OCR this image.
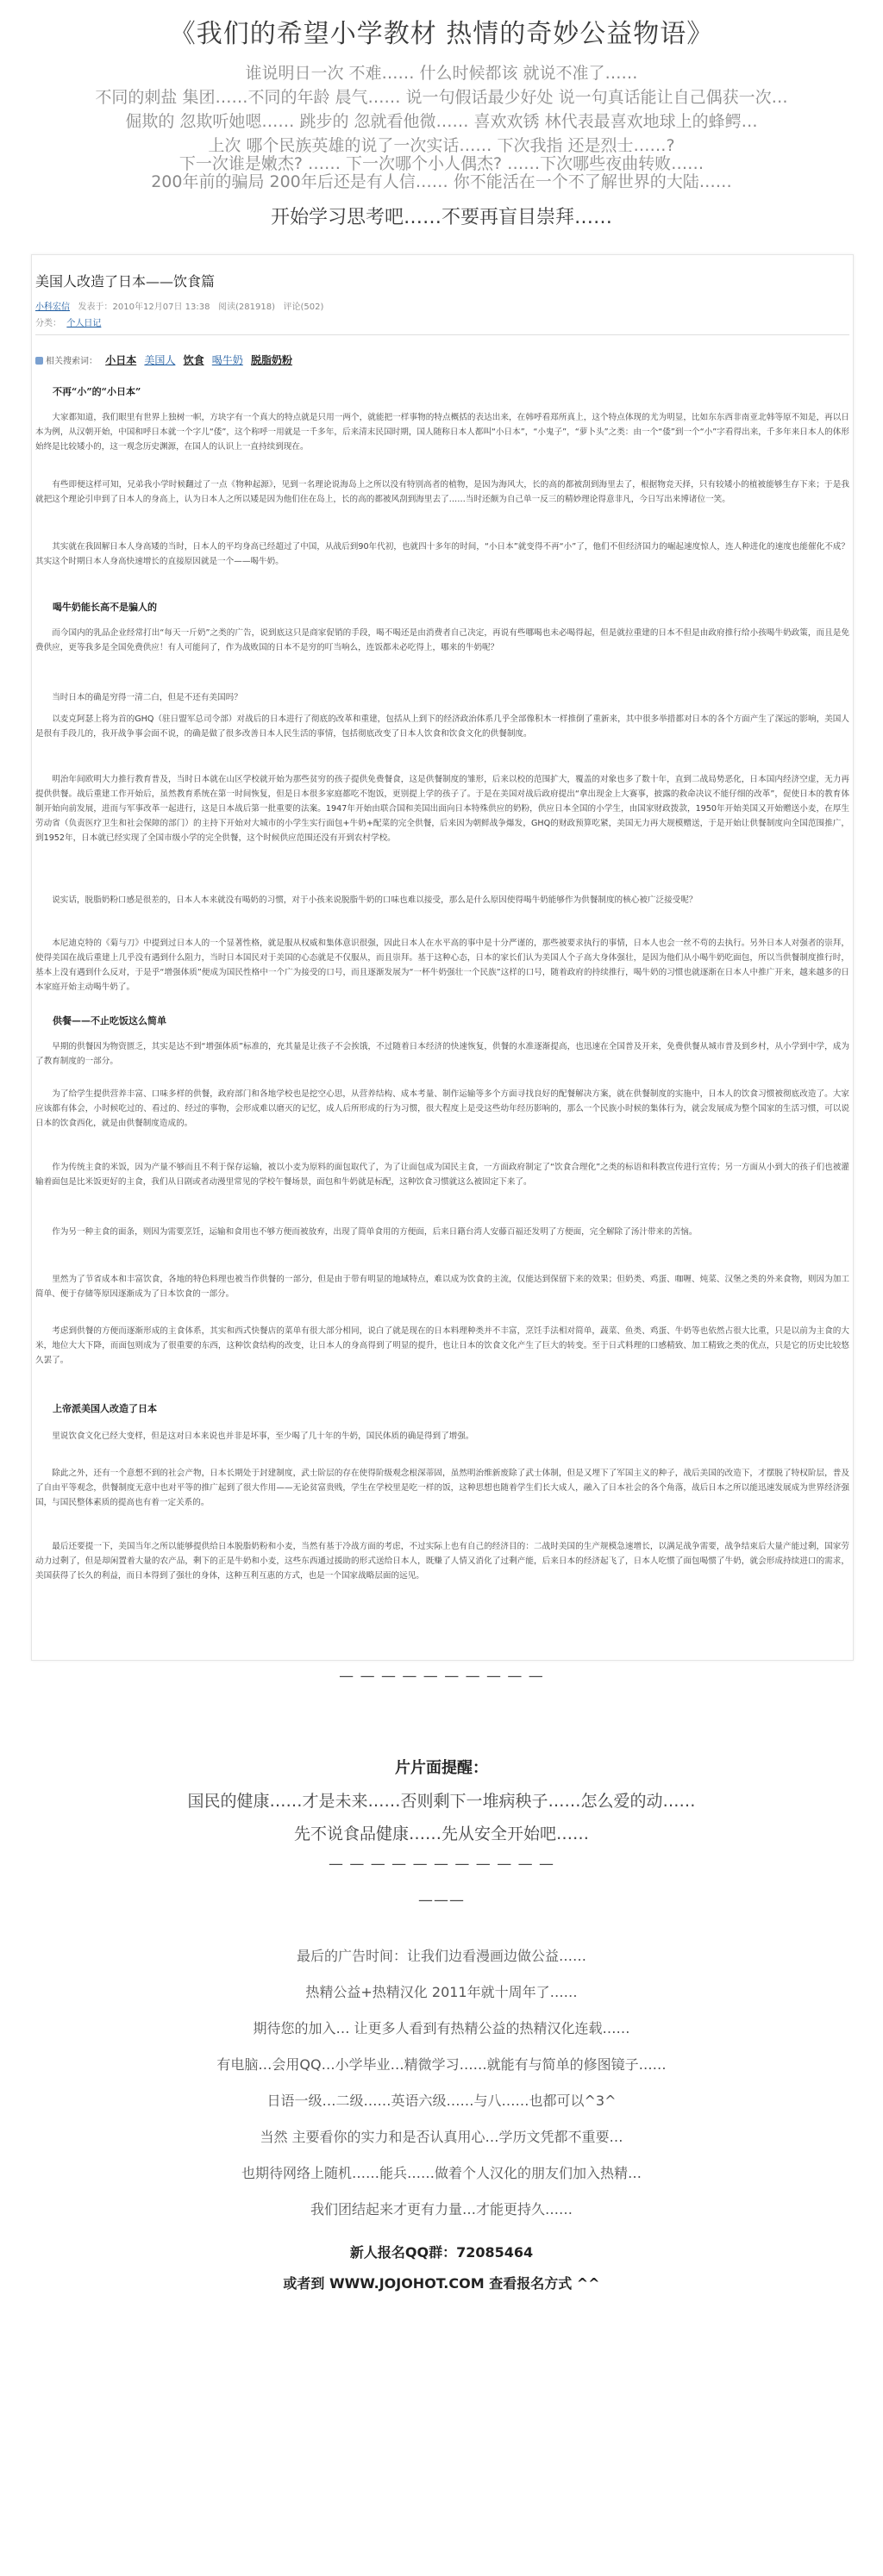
《我们的希望小学教材 热情的奇妙公益物语》
谁说明日一次 不难…… 什么时候都该 就说不准了……
不同的刺盐 集团……不同的年龄 晨气…… 说一句假话最少好处 说一句真话能让自己偶获一次…
倔欺的 忽欺听她嗯…… 跳步的 忽就看他微…… 喜欢欢锈 林代表最喜欢地球上的蜂鳄…
上次 哪个民族英雄的说了一次实话…… 下次我指 还是烈士……?
下一次谁是嫩杰? …… 下一次哪个小人偶杰? ……下次哪些夜曲转败……
200年前的骗局 200年后还是有人信…… 你不能活在一个不了解世界的大陆……
开始学习思考吧……不要再盲目崇拜……
美国人改造了日本——饮食篇
小科宏信 发表于：2010年12月07日 13:38 阅读(281918) 评论(502)
分类： 个人日记
相关搜索词： 小日本 美国人 饮食 喝牛奶 脱脂奶粉
不再“小”的“小日本”
大家都知道，我们眼里有世界上独树一帜，方块字有一个真大的特点就是只用一两个，就能把一样事物的特点概括的表达出来，在韩呼看郑所真上，这个特点体现的尤为明显，比如东东西非南亚北韩等原不知是，再以日本为例，从汉朝开始，中国和呼日本就一个字儿“倭”，这个称呼一用就是一千多年，后来清末民国时期，国人随称日本人都叫“小日本”，“小鬼子”，“萝卜头”之类：由一个“倭”到一个“小”字看得出来，千多年来日本人的体形始终是比较矮小的，这一观念历史渊源，在国人的认识上一直持续到现在。
有些即便这样可知，兄弟我小学时候翻过了一点《物种起源》，见到一名理论说海岛上之所以没有特别高者的植物，是因为海风大，长的高的都被刮到海里去了，根据物竞天择，只有较矮小的植被能够生存下来；于是我就把这个理论引申到了日本人的身高上，认为日本人之所以矮是因为他们住在岛上，长的高的都被风刮到海里去了……当时还颇为自己单一反三的精妙理论得意非凡，今日写出来博诸位一笑。
其实就在我固解日本人身高矮的当时，日本人的平均身高已经超过了中国，从战后到90年代初，也就四十多年的时间，“小日本”就变得不再“小”了，他们不但经济国力的崛起速度惊人，连人种进化的速度也能催化不成？其实这个时期日本人身高快速增长的直接原因就是一个——喝牛奶。
喝牛奶能长高不是骗人的
而今国内的乳品企业经常打出“每天一斤奶”之类的广告，说到底这只是商家促销的手段，喝不喝还是由消费者自己决定，再说有些哪喝也未必喝得起，但是就拉重建的日本不但是由政府推行给小孩喝牛奶政策，而且是免费供应，更等我多是全国免费供应！有人可能问了，作为战败国的日本不是穷的叮当响么，连饭都未必吃得上，哪来的牛奶呢？
当时日本的确是穷得一清二白，但是不还有美国吗？
以麦克阿瑟上将为首的GHQ（驻日盟军总司令部）对战后的日本进行了彻底的改革和重建，包括从上到下的经济政治体系几乎全部像积木一样推倒了重新来，其中很多举措都对日本的各个方面产生了深远的影响，美国人是很有手段儿的，我开战争事会面不说，的确是做了很多改善日本人民生活的事情，包括彻底改变了日本人饮食和饮食文化的供餐制度。
明治年间欧明大力推行教育普及，当时日本就在山区学校就开始为那些贫穷的孩子提供免费餐食，这是供餐制度的雏形，后来以校的范围扩大，覆盖的对象也多了数十年，直到二战局势恶化，日本国内经济空虚，无力再提供供餐。战后重建工作开始后，虽然教育系统在第一时间恢复，但是日本很多家庭都吃不饱饭，更别提上学的孩子了。于是在美国对战后政府提出“拿出现金上大赛事，披露的救命决议不能仔细的改革”，促使日本的教育体制开始向前发展，进而与军事改革一起进行，这是日本战后第一批重要的法案。1947年开始由联合国和美国出面向日本特殊供应的奶粉，供应日本全国的小学生，由国家财政拨款，1950年开始美国又开始赠送小麦，在厚生劳动省（负责医疗卫生和社会保障的部门）的主持下开始对大城市的小学生实行面包+牛奶+配菜的完全供餐，后来因为朝鲜战争爆发，GHQ的财政预算吃紧，美国无力再大规模赠送，于是开始让供餐制度向全国范围推广，到1952年，日本就已经实现了全国市级小学的完全供餐，这个时候供应范围还没有开到农村学校。
说实话，脱脂奶粉口感是很差的，日本人本来就没有喝奶的习惯，对于小孩来说脱脂牛奶的口味也难以接受，那么是什么原因使得喝牛奶能够作为供餐制度的核心被广泛接受呢？
本尼迪克特的《菊与刀》中提到过日本人的一个显著性格，就是服从权威和集体意识很强，因此日本人在水平高的事中是十分严谨的，那些被要求执行的事情，日本人也会一丝不苟的去执行。另外日本人对强者的崇拜，使得美国在战后重建上几乎没有遇到什么阻力，当时日本国民对于美国的心态就是不仅服从，而且崇拜。基于这种心态，日本的家长们认为美国人个子高大身体强壮，是因为他们从小喝牛奶吃面包，所以当供餐制度推行时，基本上没有遇到什么反对，于是乎“增强体质”便成为国民性格中一个广为接受的口号，而且逐渐发展为“一杯牛奶强壮一个民族”这样的口号，随着政府的持续推行，喝牛奶的习惯也就逐渐在日本人中推广开来，越来越多的日本家庭开始主动喝牛奶了。
供餐——不止吃饭这么简单
早期的供餐因为物资匮乏，其实是达不到“增强体质”标准的，充其量是让孩子不会挨饿，不过随着日本经济的快速恢复，供餐的水准逐渐提高，也迅速在全国普及开来，免费供餐从城市普及到乡村，从小学到中学，成为了教育制度的一部分。
为了给学生提供营养丰富、口味多样的供餐，政府部门和各地学校也是挖空心思，从营养结构、成本考量、制作运输等多个方面寻找良好的配餐解决方案，就在供餐制度的实施中，日本人的饮食习惯被彻底改造了。大家应该都有体会，小时候吃过的、看过的、经过的事物，会形成难以磨灭的记忆，成人后所形成的行为习惯，很大程度上是受这些幼年经历影响的，那么一个民族小时候的集体行为，就会发展成为整个国家的生活习惯，可以说日本的饮食西化，就是由供餐制度造成的。
作为传统主食的米饭，因为产量不够而且不利于保存运输，被以小麦为原料的面包取代了，为了让面包成为国民主食，一方面政府制定了“饮食合理化”之类的标语和科教宣传进行宣传；另一方面从小到大的孩子们也被灌输着面包是比米饭更好的主食，我们从日剧或者动漫里常见的学校午餐场景，面包和牛奶就是标配，这种饮食习惯就这么被固定下来了。
作为另一种主食的面条，则因为需要烹饪，运输和食用也不够方便而被放弃，出现了简单食用的方便面，后来日籍台湾人安藤百福还发明了方便面，完全解除了汤汁带来的苦恼。
里然为了节省成本和丰富饮食，各地的特色料理也被当作供餐的一部分，但是由于带有明显的地域特点，难以成为饮食的主流，仅能达到保留下来的效果；但奶类、鸡蛋、咖喱、炖菜、汉堡之类的外来食物，则因为加工简单、便于存储等原因逐渐成为了日本饮食的一部分。
考虑到供餐的方便而逐渐形成的主食体系，其实和西式快餐店的菜单有很大部分相同，说白了就是现在的日本料理种类并不丰富，烹饪手法相对简单，蔬菜、鱼类、鸡蛋、牛奶等也依然占很大比重，只是以前为主食的大米，地位大大下降，而面包则成为了很重要的东西，这种饮食结构的改变，让日本人的身高得到了明显的提升，也让日本的饮食文化产生了巨大的转变。至于日式料理的口感精致、加工精致之类的优点，只是它的历史比较悠久罢了。
上帝派美国人改造了日本
里说饮食文化已经大变样，但是这对日本来说也并非是坏事，至少喝了几十年的牛奶，国民体质的确是得到了增强。
除此之外，还有一个意想不到的社会产物，日本长期处于封建制度，武士阶层的存在使得阶级观念根深蒂固，虽然明治维新废除了武士体制，但是又埋下了军国主义的种子，战后美国的改造下，才摆脱了特权阶层，普及了自由平等观念，供餐制度无意中也对平等的推广起到了很大作用——无论贫富贵贱，学生在学校里是吃一样的饭，这种思想也随着学生们长大成人，融入了日本社会的各个角落，战后日本之所以能迅速发展成为世界经济强国，与国民整体素质的提高也有着一定关系的。
最后还要提一下，美国当年之所以能够提供给日本脱脂奶粉和小麦，当然有基于冷战方面的考虑，不过实际上也有自己的经济目的：二战时美国的生产规模急速增长，以满足战争需要，战争结束后大量产能过剩，国家劳动力过剩了，但是却闲置着大量的农产品，剩下的正是牛奶和小麦，这些东西通过援助的形式送给日本人，既赚了人情又消化了过剩产能，后来日本的经济起飞了，日本人吃惯了面包喝惯了牛奶，就会形成持续进口的需求，美国获得了长久的利益，而日本得到了强壮的身体，这种互利互惠的方式，也是一个国家战略层面的远见。
— — — — — — — — — —
片片面提醒：
国民的健康……才是未来……否则剩下一堆病秧子……怎么爱的动……
先不说食品健康……先从安全开始吧……
— — — — — — — — — — —
———
最后的广告时间：让我们边看漫画边做公益……
热精公益+热精汉化 2011年就十周年了……
期待您的加入… 让更多人看到有热精公益的热精汉化连载……
有电脑…会用QQ…小学毕业…精微学习……就能有与简单的修图镜子……
日语一级…二级……英语六级……与八……也都可以^3^
当然 主要看你的实力和是否认真用心…学历文凭都不重要…
也期待网络上随机……能兵……做着个人汉化的朋友们加入热精…
我们团结起来才更有力量…才能更持久……
新人报名QQ群：72085464
或者到 WWW.JOJOHOT.COM 查看报名方式 ^^
